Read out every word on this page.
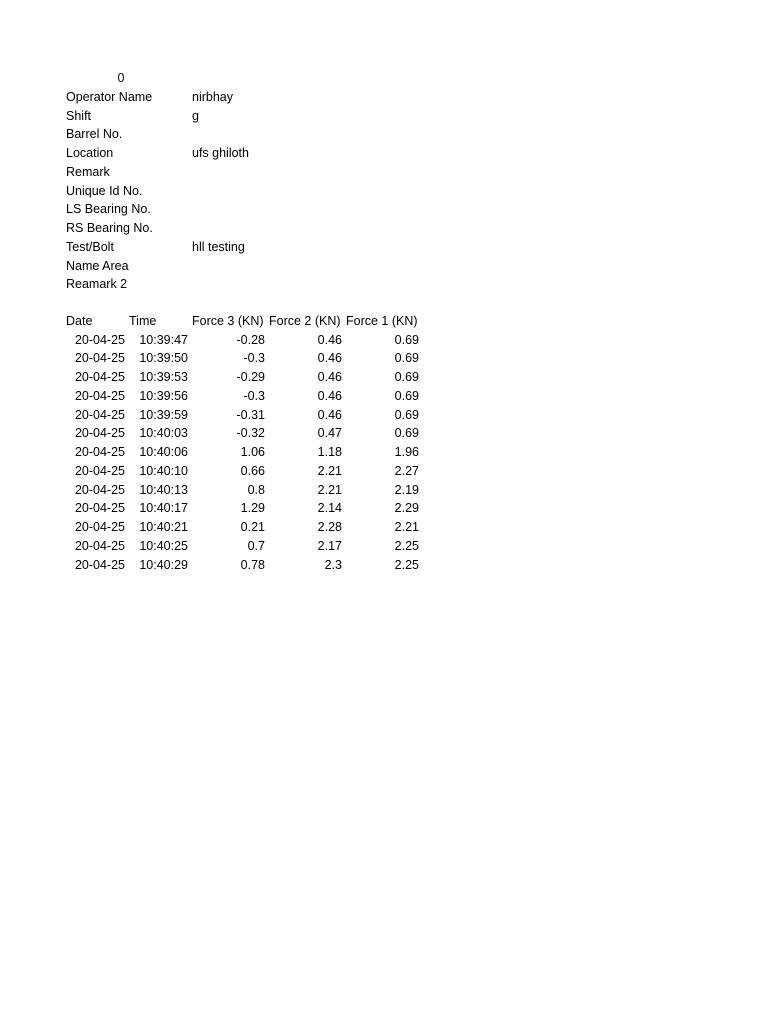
0
Operator Name	nirbhay
Shift	g
Barrel No.
Location	ufs ghiloth
Remark
Unique Id No.
LS Bearing No.
RS Bearing No.
Test/Bolt	hll testing
Name Area
Reamark 2
Date	Time	Force 3 (KN) Force 2 (KN) Force 1 (KN)
20-04-25	10:39:47	-0.28	0.46	0.69
20-04-25	10:39:50	-0.3	0.46	0.69
20-04-25	10:39:53	-0.29	0.46	0.69
20-04-25	10:39:56	-0.3	0.46	0.69
20-04-25	10:39:59	-0.31	0.46	0.69
20-04-25	10:40:03	-0.32	0.47	0.69
20-04-25	10:40:06	1.06	1.18	1.96
20-04-25	10:40:10	0.66	2.21	2.27
20-04-25	10:40:13	0.8	2.21	2.19
20-04-25	10:40:17	1.29	2.14	2.29
20-04-25	10:40:21	0.21	2.28	2.21
20-04-25	10:40:25	0.7	2.17	2.25
20-04-25	10:40:29	0.78	2.3	2.25
